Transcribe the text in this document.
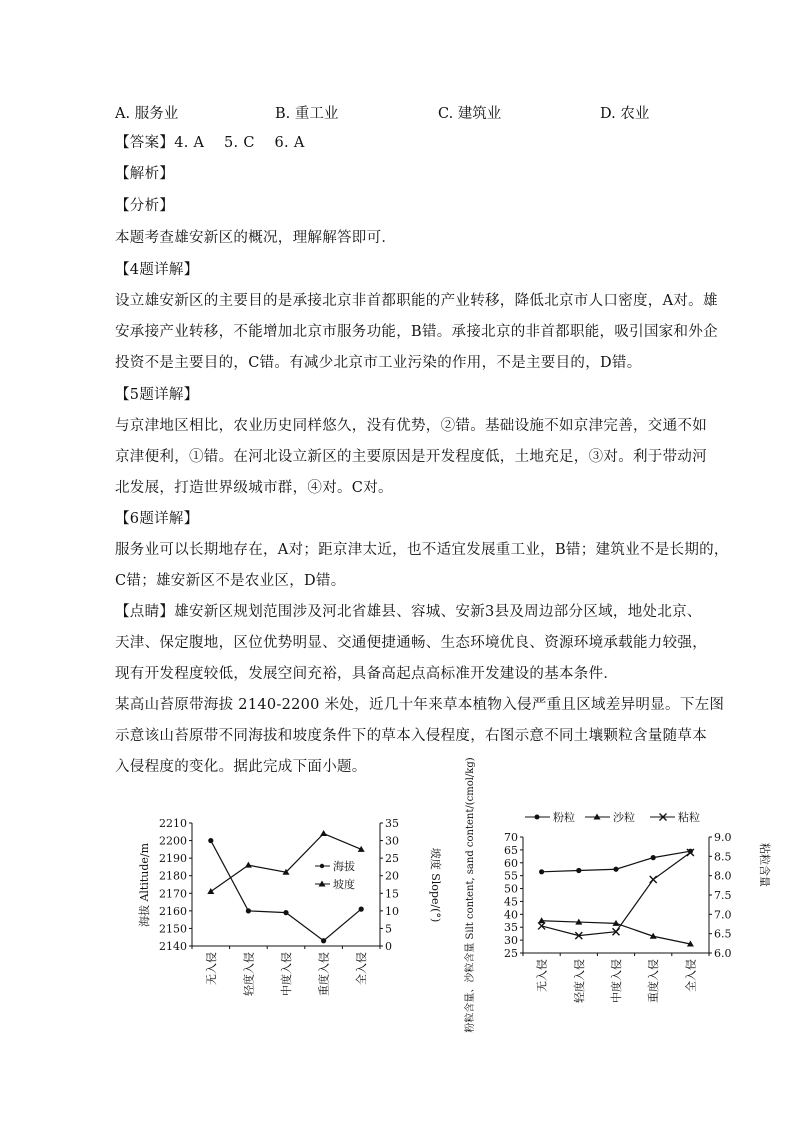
A. 服务业	B. 重工业	C. 建筑业	D. 农业
【答案】4. A　 5. C　 6. A
【解析】
【分析】
本题考查雄安新区的概况，理解解答即可．
【4题详解】
设立雄安新区的主要目的是承接北京非首都职能的产业转移，降低北京市人口密度，A对。雄
安承接产业转移，不能增加北京市服务功能，B错。承接北京的非首都职能，吸引国家和外企
投资不是主要目的，C错。有减少北京市工业污染的作用，不是主要目的，D错。
【5题详解】
与京津地区相比，农业历史同样悠久，没有优势，②错。基础设施不如京津完善，交通不如
京津便利，①错。在河北设立新区的主要原因是开发程度低，土地充足，③对。利于带动河
北发展，打造世界级城市群，④对。C对。
【6题详解】
服务业可以长期地存在，A对；距京津太近，也不适宜发展重工业，B错；建筑业不是长期的，
C错；雄安新区不是农业区，D错。
【点睛】雄安新区规划范围涉及河北省雄县、容城、安新3县及周边部分区域，地处北京、
天津、保定腹地，区位优势明显、交通便捷通畅、生态环境优良、资源环境承载能力较强，
现有开发程度较低，发展空间充裕，具备高起点高标准开发建设的基本条件．
某高山苔原带海拔 2140-2200 米处，近几十年来草本植物入侵严重且区域差异明显。下左图
示意该山苔原带不同海拔和坡度条件下的草本入侵程度，右图示意不同土壤颗粒含量随草本
入侵程度的变化。据此完成下面小题。
2140
2150
2160
2170
2180
2190
2200
2210
0
5
10
15
20
25
30
35
无入侵 轻度入侵 中度入侵 重度入侵 全入侵
海拔
坡度
海拔 Altitude/m	坡度 Slope/(°)
粉粒	沙粒	粘粒
25
30
35
40
45
50
55
60
65
70
6.0
6.5
7.0
7.5
8.0
8.5
9.0
无入侵 轻度入侵 中度入侵 重度入侵 全入侵
粉粒含量、沙粒含量 Silt content, sand content/(cmol/kg)	粘粒含量
